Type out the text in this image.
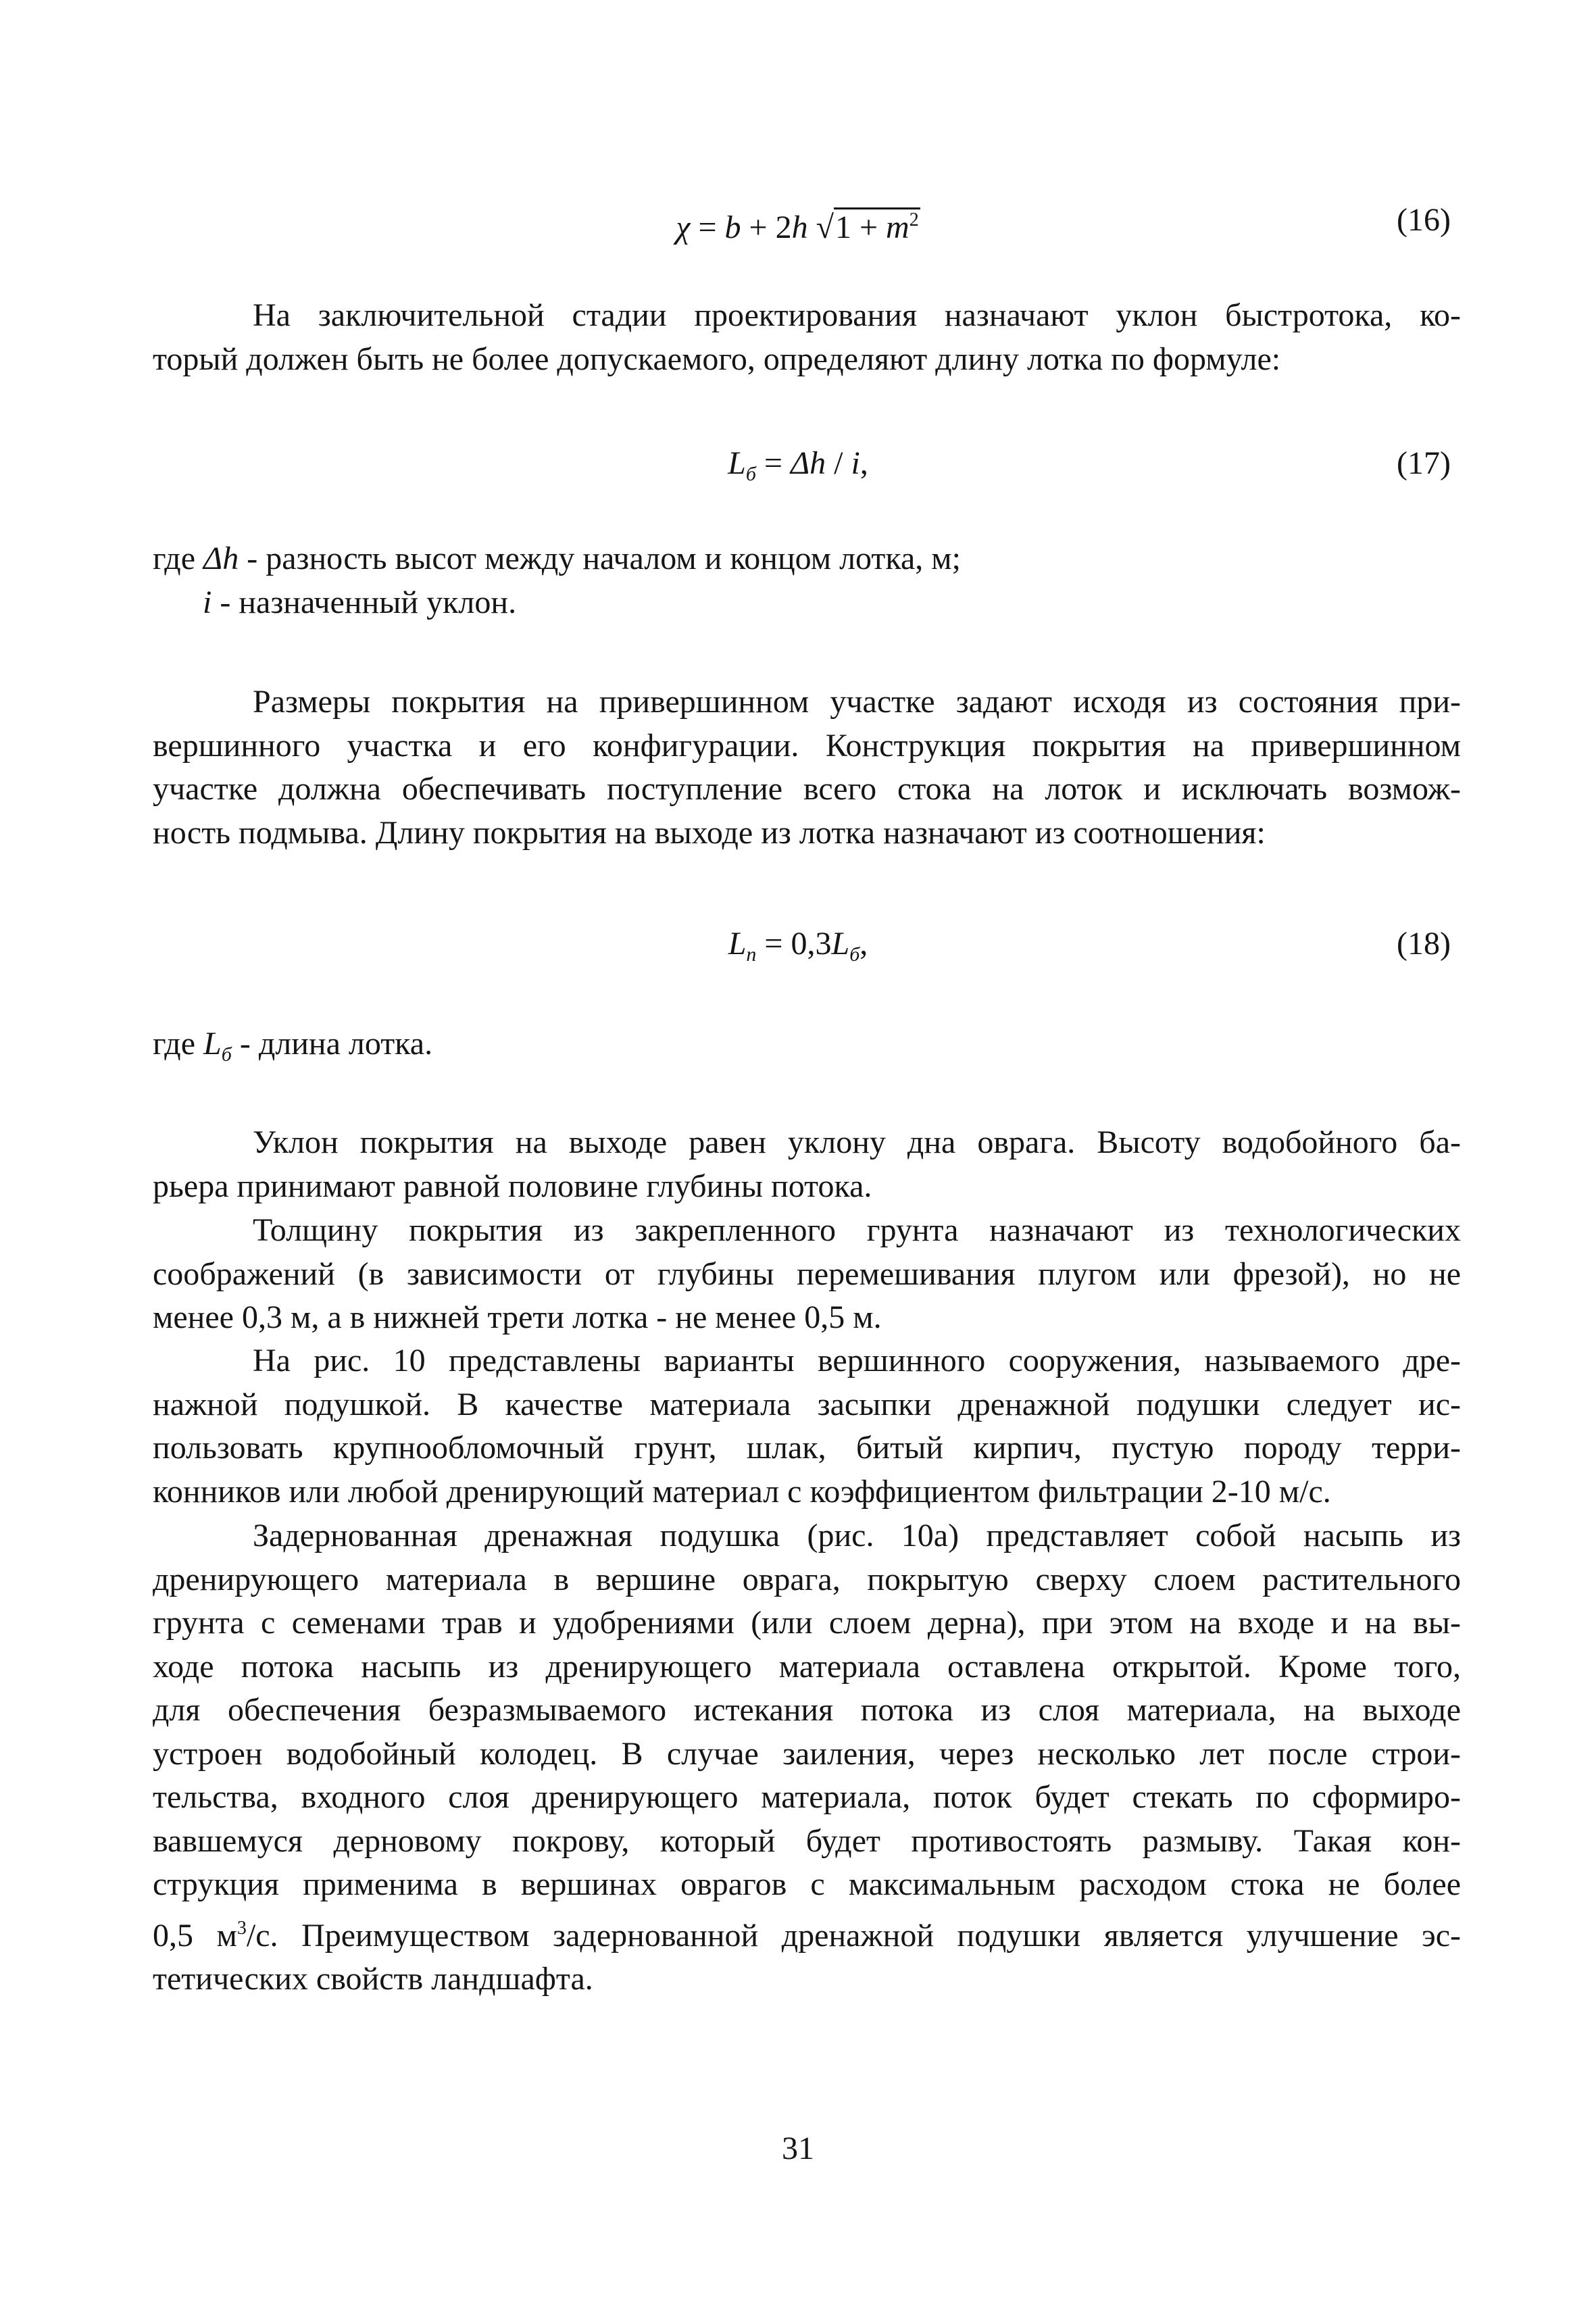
χ = b + 2h $√1 + m^2$	(16)
На заключительной стадии проектирования назначают уклон быстротока, ко-
торый должен быть не более допускаемого, определяют длину лотка по формуле:
$L_б = \Delta h / i$,	(17)
где Δh - разность высот между началом и концом лотка, м;
i - назначенный уклон.
Размеры покрытия на привершинном участке задают исходя из состояния при-
вершинного участка и его конфигурации. Конструкция покрытия на привершинном
участке должна обеспечивать поступление всего стока на лоток и исключать возмож-
ность подмыва. Длину покрытия на выходе из лотка назначают из соотношения:
$L_п = 0,3L_б$,	(18)
где $L_б$ - длина лотка.
Уклон покрытия на выходе равен уклону дна оврага. Высоту водобойного ба-
рьера принимают равной половине глубины потока.
Толщину покрытия из закрепленного грунта назначают из технологических
соображений (в зависимости от глубины перемешивания плугом или фрезой), но не
менее 0,3 м, а в нижней трети лотка - не менее 0,5 м.
На рис. 10 представлены варианты вершинного сооружения, называемого дре-
нажной подушкой. В качестве материала засыпки дренажной подушки следует ис-
пользовать крупнообломочный грунт, шлак, битый кирпич, пустую породу терри-
конников или любой дренирующий материал с коэффициентом фильтрации 2-10 м/с.
Задернованная дренажная подушка (рис. 10а) представляет собой насыпь из
дренирующего материала в вершине оврага, покрытую сверху слоем растительного
грунта с семенами трав и удобрениями (или слоем дерна), при этом на входе и на вы-
ходе потока насыпь из дренирующего материала оставлена открытой. Кроме того,
для обеспечения безразмываемого истекания потока из слоя материала, на выходе
устроен водобойный колодец. В случае заиления, через несколько лет после строи-
тельства, входного слоя дренирующего материала, поток будет стекать по сформиро-
вавшемуся дерновому покрову, который будет противостоять размыву. Такая кон-
струкция применима в вершинах оврагов с максимальным расходом стока не более
0,5 $м^3/с$. Преимуществом задернованной дренажной подушки является улучшение эс-
тетических свойств ландшафта.
31
